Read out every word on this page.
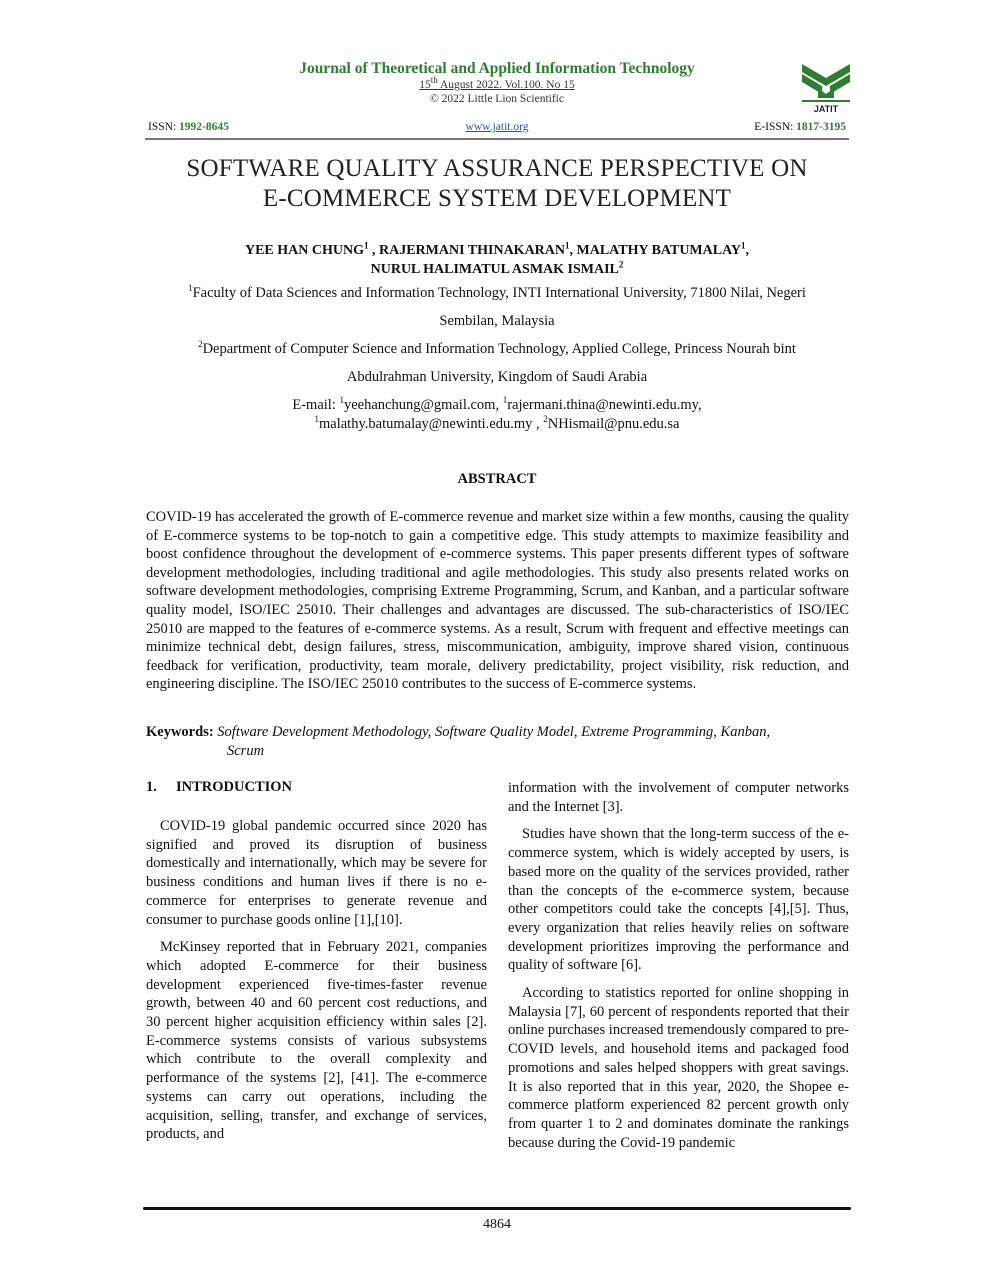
Journal of Theoretical and Applied Information Technology
15th August 2022. Vol.100. No 15
© 2022 Little Lion Scientific
JATIT
ISSN: 1992-8645	www.jatit.org	E-ISSN: 1817-3195
SOFTWARE QUALITY ASSURANCE PERSPECTIVE ON
E-COMMERCE SYSTEM DEVELOPMENT
YEE HAN CHUNG$^1$ , RAJERMANI THINAKARAN$^1$, MALATHY BATUMALAY$^1$,
NURUL HALIMATUL ASMAK ISMAIL$^2$
$^1$Faculty of Data Sciences and Information Technology, INTI International University, 71800 Nilai, Negeri
Sembilan, Malaysia
$^2$Department of Computer Science and Information Technology, Applied College, Princess Nourah bint
Abdulrahman University, Kingdom of Saudi Arabia
E-mail: $^1$yeehanchung@gmail.com, $^1$rajermani.thina@newinti.edu.my,
$^1$malathy.batumalay@newinti.edu.my , $^2$NHismail@pnu.edu.sa
ABSTRACT

COVID-19 has accelerated the growth of E-commerce revenue and market size within a few months, causing the quality of E-commerce systems to be top-notch to gain a competitive edge. This study attempts to maximize feasibility and boost confidence throughout the development of e-commerce systems. This paper presents different types of software development methodologies, including traditional and agile methodologies. This study also presents related works on software development methodologies, comprising Extreme Programming, Scrum, and Kanban, and a particular software quality model, ISO/IEC 25010. Their challenges and advantages are discussed. The sub-characteristics of ISO/IEC 25010 are mapped to the features of e-commerce systems. As a result, Scrum with frequent and effective meetings can minimize technical debt, design failures, stress, miscommunication, ambiguity, improve shared vision, continuous feedback for verification, productivity, team morale, delivery predictability, project visibility, risk reduction, and engineering discipline. The ISO/IEC 25010 contributes to the success of E-commerce systems.

Keywords: Software Development Methodology, Software Quality Model, Extreme Programming, Kanban,
Scrum
1. INTRODUCTION

COVID-19 global pandemic occurred since 2020 has signified and proved its disruption of business domestically and internationally, which may be severe for business conditions and human lives if there is no e-commerce for enterprises to generate revenue and consumer to purchase goods online [1],[10].

McKinsey reported that in February 2021, companies which adopted E-commerce for their business development experienced five-times-faster revenue growth, between 40 and 60 percent cost reductions, and 30 percent higher acquisition efficiency within sales [2]. E-commerce systems consists of various subsystems which contribute to the overall complexity and performance of the systems [2], [41]. The e-commerce systems can carry out operations, including the acquisition, selling, transfer, and exchange of services, products, and

information with the involvement of computer networks and the Internet [3].

Studies have shown that the long-term success of the e-commerce system, which is widely accepted by users, is based more on the quality of the services provided, rather than the concepts of the e-commerce system, because other competitors could take the concepts [4],[5]. Thus, every organization that relies heavily relies on software development prioritizes improving the performance and quality of software [6].

According to statistics reported for online shopping in Malaysia [7], 60 percent of respondents reported that their online purchases increased tremendously compared to pre-COVID levels, and household items and packaged food promotions and sales helped shoppers with great savings. It is also reported that in this year, 2020, the Shopee e-commerce platform experienced 82 percent growth only from quarter 1 to 2 and dominates dominate the rankings because during the Covid-19 pandemic

4864
